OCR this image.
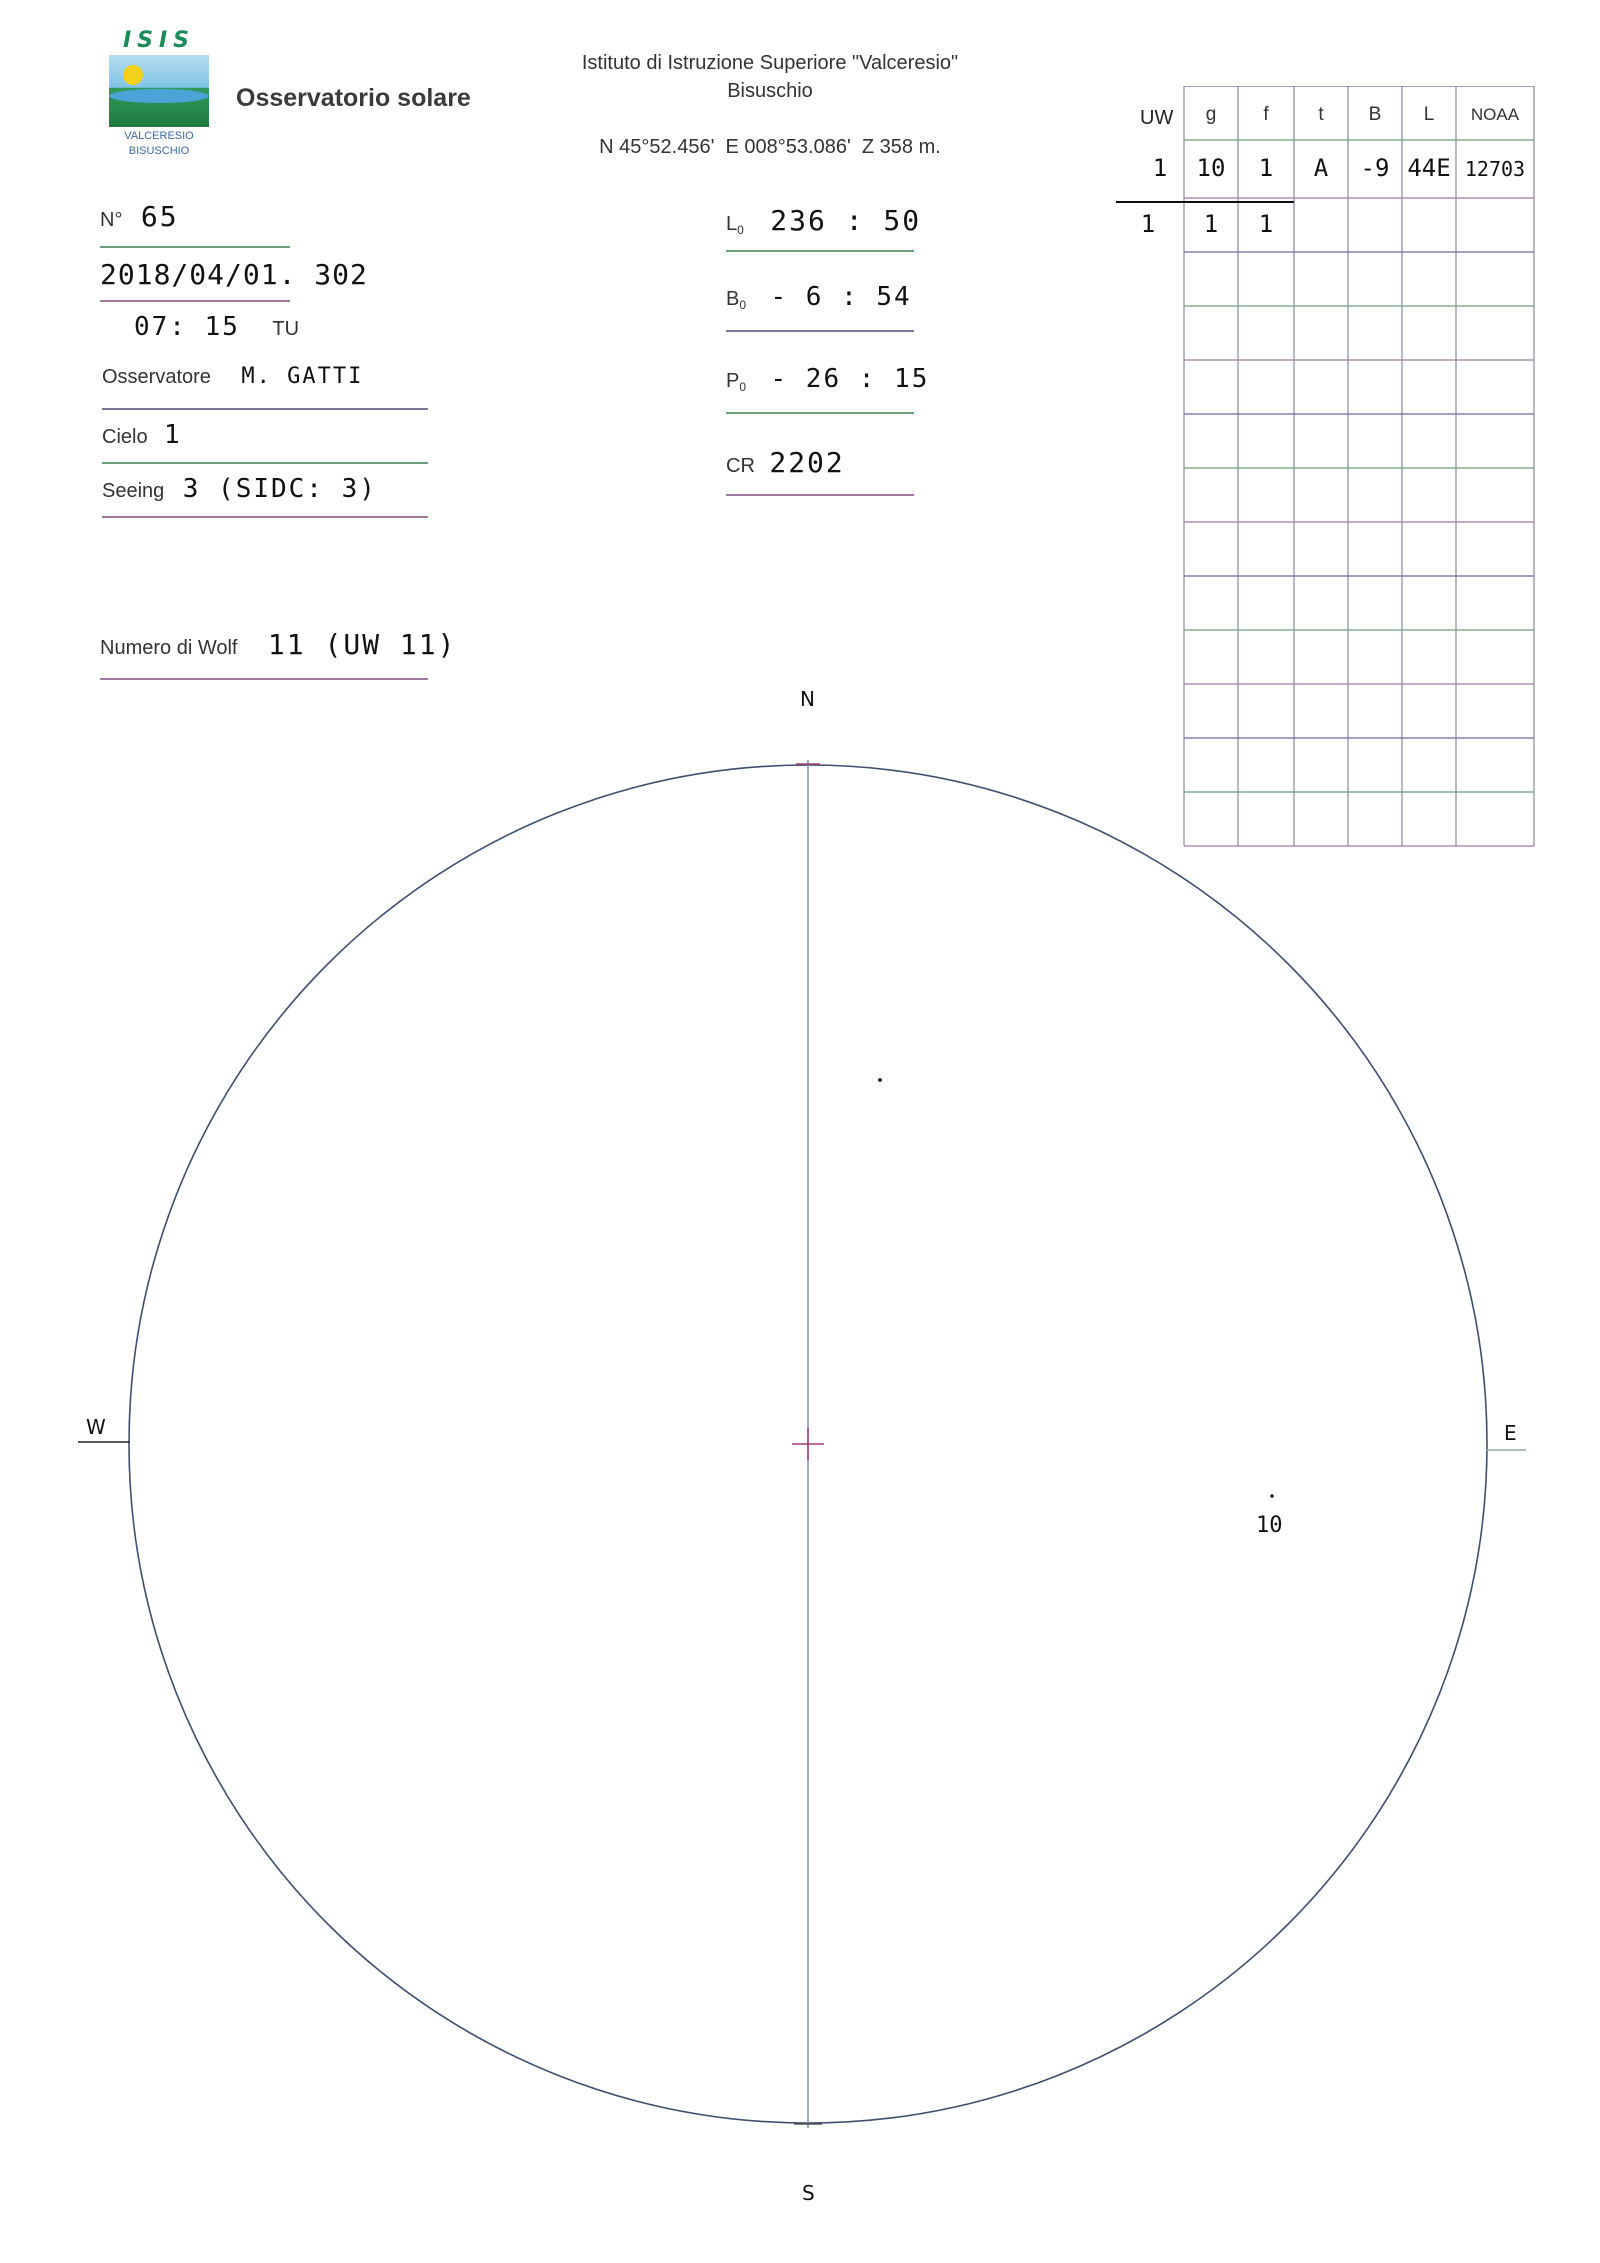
ISIS
VALCERESIO
BISUSCHIO
Osservatorio solare
Istituto di Istruzione Superiore "Valceresio"
Bisuschio
N 45°52.456'  E 008°53.086'  Z 358 m.
N° 65
2018/04/01. 302
07: 15 TU
Osservatore M. GATTI
Cielo 1
Seeing 3 (SIDC: 3)
Numero di Wolf 11 (UW 11)
$L_0$ 236 : 50
$B_0 - 6$ : 54
$P_0 - 26$ : 15
CR 2202
UW g f	t B L NOAA
1 10 1 A -9 44E 12703
1 1 1
N
S
W	E
10
